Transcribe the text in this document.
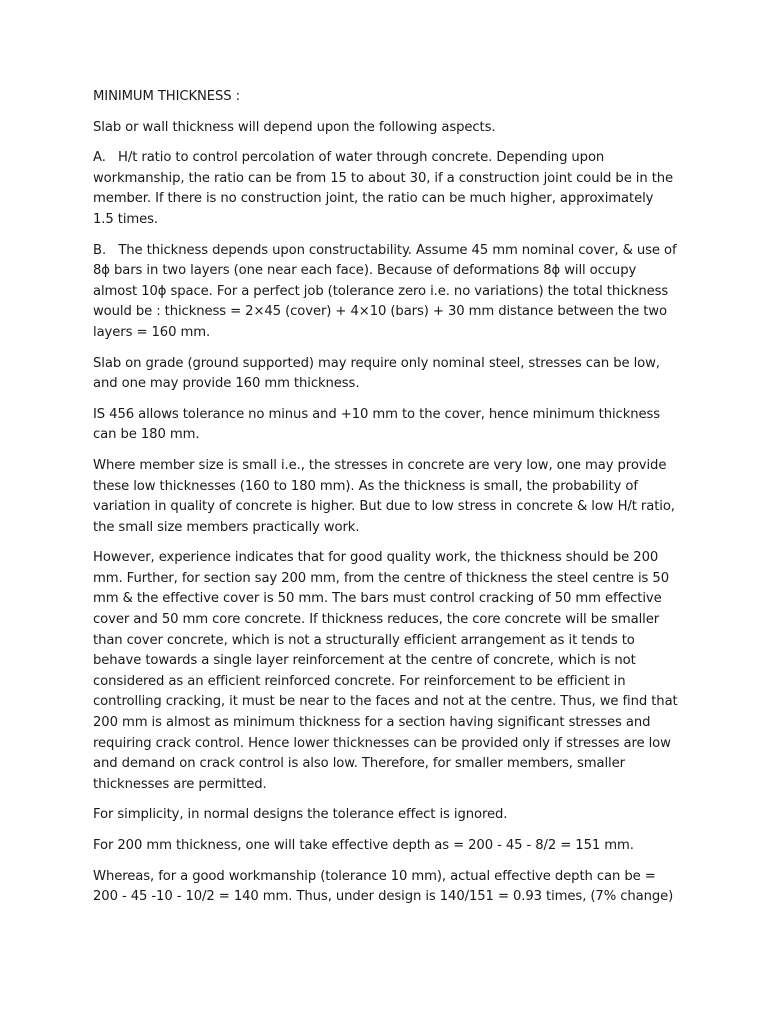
MINIMUM THICKNESS :

Slab or wall thickness will depend upon the following aspects.

A.   H/t ratio to control percolation of water through concrete. Depending upon workmanship, the ratio can be from 15 to about 30, if a construction joint could be in the member. If there is no construction joint, the ratio can be much higher, approximately 1.5 times.

B.   The thickness depends upon constructability. Assume 45 mm nominal cover, & use of 8ϕ bars in two layers (one near each face). Because of deformations 8ϕ will occupy almost 10ϕ space. For a perfect job (tolerance zero i.e. no variations) the total thickness would be : thickness = 2×45 (cover) + 4×10 (bars) + 30 mm distance between the two layers = 160 mm.

Slab on grade (ground supported) may require only nominal steel, stresses can be low, and one may provide 160 mm thickness.

IS 456 allows tolerance no minus and +10 mm to the cover, hence minimum thickness can be 180 mm.

Where member size is small i.e., the stresses in concrete are very low, one may provide these low thicknesses (160 to 180 mm). As the thickness is small, the probability of variation in quality of concrete is higher. But due to low stress in concrete & low H/t ratio, the small size members practically work.

However, experience indicates that for good quality work, the thickness should be 200 mm. Further, for section say 200 mm, from the centre of thickness the steel centre is 50 mm & the effective cover is 50 mm. The bars must control cracking of 50 mm effective cover and 50 mm core concrete. If thickness reduces, the core concrete will be smaller than cover concrete, which is not a structurally efficient arrangement as it tends to behave towards a single layer reinforcement at the centre of concrete, which is not considered as an efficient reinforced concrete. For reinforcement to be efficient in controlling cracking, it must be near to the faces and not at the centre. Thus, we find that 200 mm is almost as minimum thickness for a section having significant stresses and requiring crack control. Hence lower thicknesses can be provided only if stresses are low and demand on crack control is also low. Therefore, for smaller members, smaller thicknesses are permitted.

For simplicity, in normal designs the tolerance effect is ignored.

For 200 mm thickness, one will take effective depth as = 200 - 45 - 8/2 = 151 mm.

Whereas, for a good workmanship (tolerance 10 mm), actual effective depth can be = 200 - 45 -10 - 10/2 = 140 mm. Thus, under design is 140/151 = 0.93 times, (7% change)
